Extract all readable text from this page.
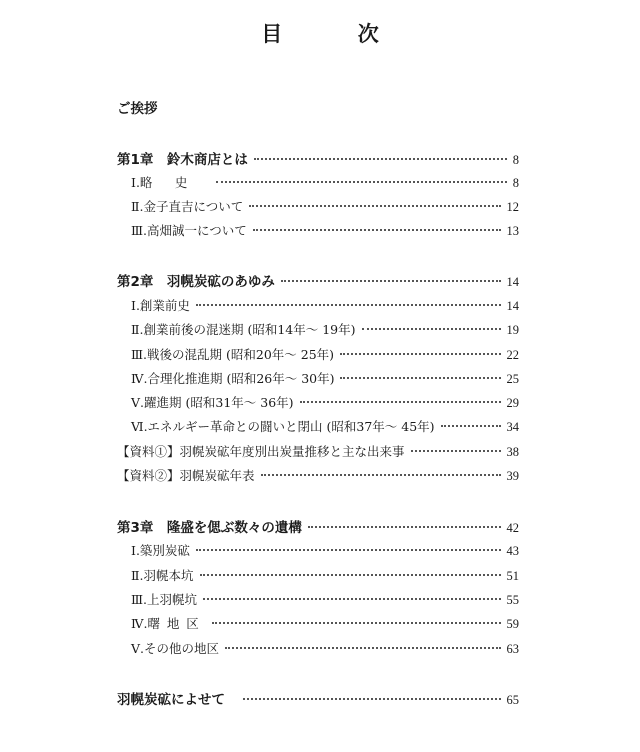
目　次
ご挨拶
第1章　鈴木商店とは	8
Ⅰ.略史	8
Ⅱ.金子直吉について	12
Ⅲ.高畑誠一について	13
第2章　羽幌炭砿のあゆみ	14
Ⅰ.創業前史	14
Ⅱ.創業前後の混迷期 (昭和14年～ 19年)	19
Ⅲ.戦後の混乱期 (昭和20年～ 25年)	22
Ⅳ.合理化推進期 (昭和26年～ 30年)	25
Ⅴ.躍進期 (昭和31年～ 36年)	29
Ⅵ.エネルギー革命との闘いと閉山 (昭和37年～ 45年)	34
【資料①】羽幌炭砿年度別出炭量推移と主な出来事	38
【資料②】羽幌炭砿年表	39
第3章　隆盛を偲ぶ数々の遺構	42
Ⅰ.築別炭砿	43
Ⅱ.羽幌本坑	51
Ⅲ.上羽幌坑	55
Ⅳ.曙地区	59
Ⅴ.その他の地区	63
羽幌炭砿によせて	65
